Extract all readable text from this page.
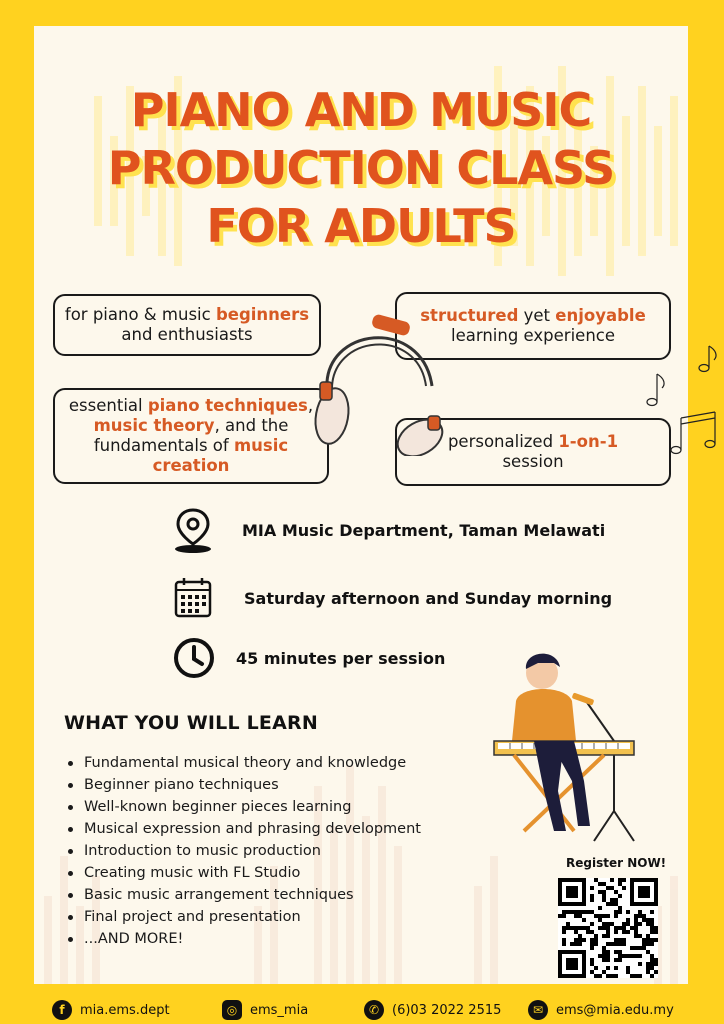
PIANO AND MUSIC
PRODUCTION CLASS
FOR ADULTS
for piano & music beginners
and enthusiasts
structured yet enjoyable
learning experience
essential piano techniques,
music theory, and the
fundamentals of music
creation
personalized 1-on-1
session
MIA Music Department, Taman Melawati
Saturday afternoon and Sunday morning
45 minutes per session
WHAT YOU WILL LEARN
Fundamental musical theory and knowledge
Beginner piano techniques
Well-known beginner pieces learning
Musical expression and phrasing development
Introduction to music production
Creating music with FL Studio
Basic music arrangement techniques
Final project and presentation
...AND MORE!
Register NOW!
f	mia.ems.dept	◎ ems_mia	✆ (6)03 2022 2515	✉ ems@mia.edu.my
